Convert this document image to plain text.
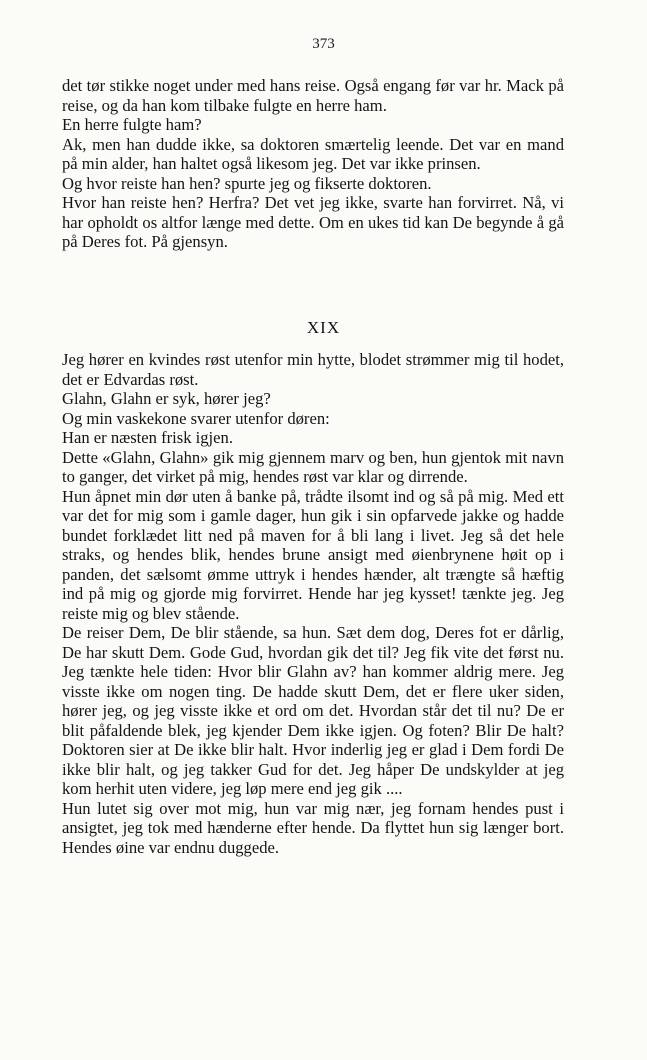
373

det tør stikke noget under med hans reise. Også engang før var hr. Mack på reise, og da han kom tilbake fulgte en herre ham.

En herre fulgte ham?

Ak, men han dudde ikke, sa doktoren smærtelig leende. Det var en mand på min alder, han haltet også likesom jeg. Det var ikke prinsen.

Og hvor reiste han hen? spurte jeg og fikserte doktoren.

Hvor han reiste hen? Herfra? Det vet jeg ikke, svarte han forvirret. Nå, vi har opholdt os altfor længe med dette. Om en ukes tid kan De begynde å gå på Deres fot. På gjensyn.

XIX

Jeg hører en kvindes røst utenfor min hytte, blodet strømmer mig til hodet, det er Edvardas røst.

Glahn, Glahn er syk, hører jeg?

Og min vaskekone svarer utenfor døren:

Han er næsten frisk igjen.

Dette «Glahn, Glahn» gik mig gjennem marv og ben, hun gjentok mit navn to ganger, det virket på mig, hendes røst var klar og dirrende.

Hun åpnet min dør uten å banke på, trådte ilsomt ind og så på mig. Med ett var det for mig som i gamle dager, hun gik i sin opfarvede jakke og hadde bundet forklædet litt ned på maven for å bli lang i livet. Jeg så det hele straks, og hendes blik, hendes brune ansigt med øienbrynene høit op i panden, det sælsomt ømme uttryk i hendes hænder, alt trængte så hæftig ind på mig og gjorde mig forvirret. Hende har jeg kysset! tænkte jeg. Jeg reiste mig og blev stående.

De reiser Dem, De blir stående, sa hun. Sæt dem dog, Deres fot er dårlig, De har skutt Dem. Gode Gud, hvordan gik det til? Jeg fik vite det først nu. Jeg tænkte hele tiden: Hvor blir Glahn av? han kommer aldrig mere. Jeg visste ikke om nogen ting. De hadde skutt Dem, det er flere uker siden, hører jeg, og jeg visste ikke et ord om det. Hvordan står det til nu? De er blit påfaldende blek, jeg kjender Dem ikke igjen. Og foten? Blir De halt? Doktoren sier at De ikke blir halt. Hvor inderlig jeg er glad i Dem fordi De ikke blir halt, og jeg takker Gud for det. Jeg håper De undskylder at jeg kom herhit uten videre, jeg løp mere end jeg gik ....

Hun lutet sig over mot mig, hun var mig nær, jeg fornam hendes pust i ansigtet, jeg tok med hænderne efter hende. Da flyttet hun sig længer bort. Hendes øine var endnu duggede.
